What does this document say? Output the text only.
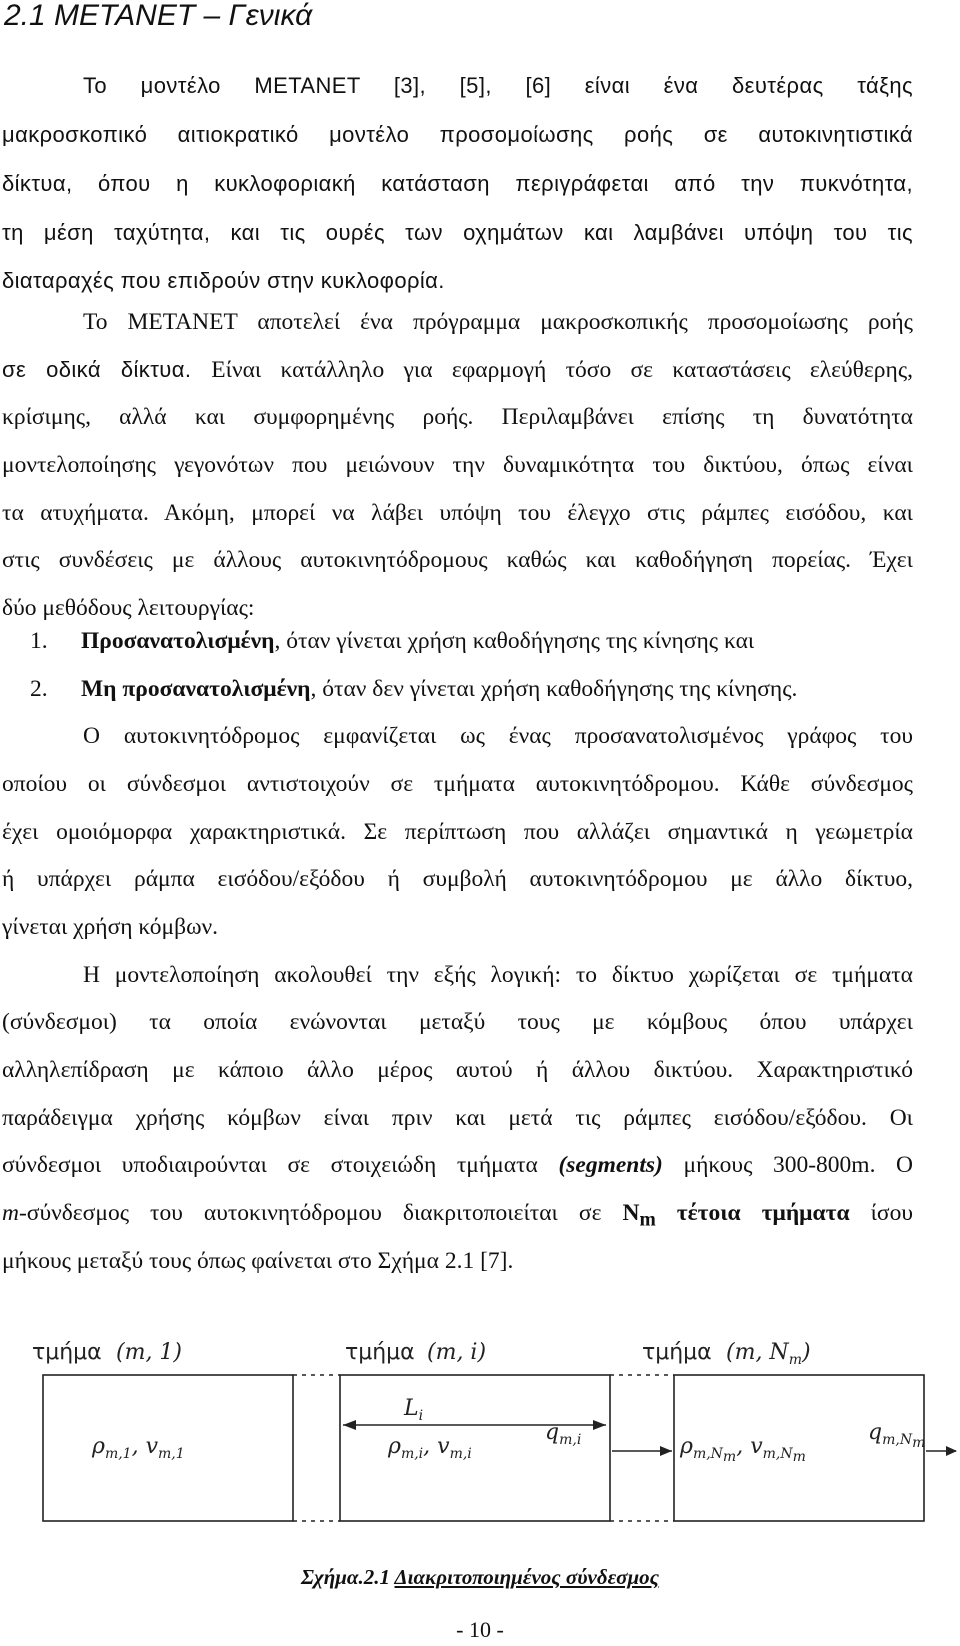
2.1 ΜETANET – Γενικά
Το μοντέλο METANET [3], [5], [6] είναι ένα δευτέρας τάξης
μακροσκοπικό αιτιοκρατικό μοντέλο προσομοίωσης ροής σε αυτοκινητιστικά
δίκτυα, όπου η κυκλοφοριακή κατάσταση περιγράφεται από την πυκνότητα,
τη μέση ταχύτητα, και τις ουρές των οχημάτων και λαμβάνει υπόψη του τις
διαταραχές που επιδρούν στην κυκλοφορία.
Το METANET αποτελεί ένα πρόγραμμα μακροσκοπικής προσομοίωσης ροής
σε οδικά δίκτυα. Είναι κατάλληλο για εφαρμογή τόσο σε καταστάσεις ελεύθερης,
κρίσιμης, αλλά και συμφορημένης ροής. Περιλαμβάνει επίσης τη δυνατότητα
μοντελοποίησης γεγονότων που μειώνουν την δυναμικότητα του δικτύου, όπως είναι
τα ατυχήματα. Ακόμη, μπορεί να λάβει υπόψη του έλεγχο στις ράμπες εισόδου, και
στις συνδέσεις με άλλους αυτοκινητόδρομους καθώς και καθοδήγηση πορείας. Έχει
δύο μεθόδους λειτουργίας:
1. Προσανατολισμένη, όταν γίνεται χρήση καθοδήγησης της κίνησης και
2. Μη προσανατολισμένη, όταν δεν γίνεται χρήση καθοδήγησης της κίνησης.
Ο αυτοκινητόδρομος εμφανίζεται ως ένας προσανατολισμένος γράφος του
οποίου οι σύνδεσμοι αντιστοιχούν σε τμήματα αυτοκινητόδρομου. Κάθε σύνδεσμος
έχει ομοιόμορφα χαρακτηριστικά. Σε περίπτωση που αλλάζει σημαντικά η γεωμετρία
ή υπάρχει ράμπα εισόδου/εξόδου ή συμβολή αυτοκινητόδρομου με άλλο δίκτυο,
γίνεται χρήση κόμβων.
Η μοντελοποίηση ακολουθεί την εξής λογική: το δίκτυο χωρίζεται σε τμήματα
(σύνδεσμοι) τα οποία ενώνονται μεταξύ τους με κόμβους όπου υπάρχει
αλληλεπίδραση με κάποιο άλλο μέρος αυτού ή άλλου δικτύου. Χαρακτηριστικό
παράδειγμα χρήσης κόμβων είναι πριν και μετά τις ράμπες εισόδου/εξόδου. Οι
σύνδεσμοι υποδιαιρούνται σε στοιχειώδη τμήματα (segments) μήκους 300-800m. Ο
m-σύνδεσμος του αυτοκινητόδρομου διακριτοποιείται σε $N_m$ τέτοια τμήματα ίσου
μήκους μεταξύ τους όπως φαίνεται στο Σχήμα 2.1 [7].
τμήμα (m, 1)	τμήμα (m, i)	τμήμα (m, $N_m$)
$L_i$
$\rho_{m,1}$, $v_{m,1}$	$\rho_{m,i}$, $v_{m,i}$
$q_{m,i}$	$\rho_{m,N}m$, $v_{m,N}m$
$q_{m,N}m$
Σχήμα.2.1 Διακριτοποιημένος σύνδεσμος
- 10 -
